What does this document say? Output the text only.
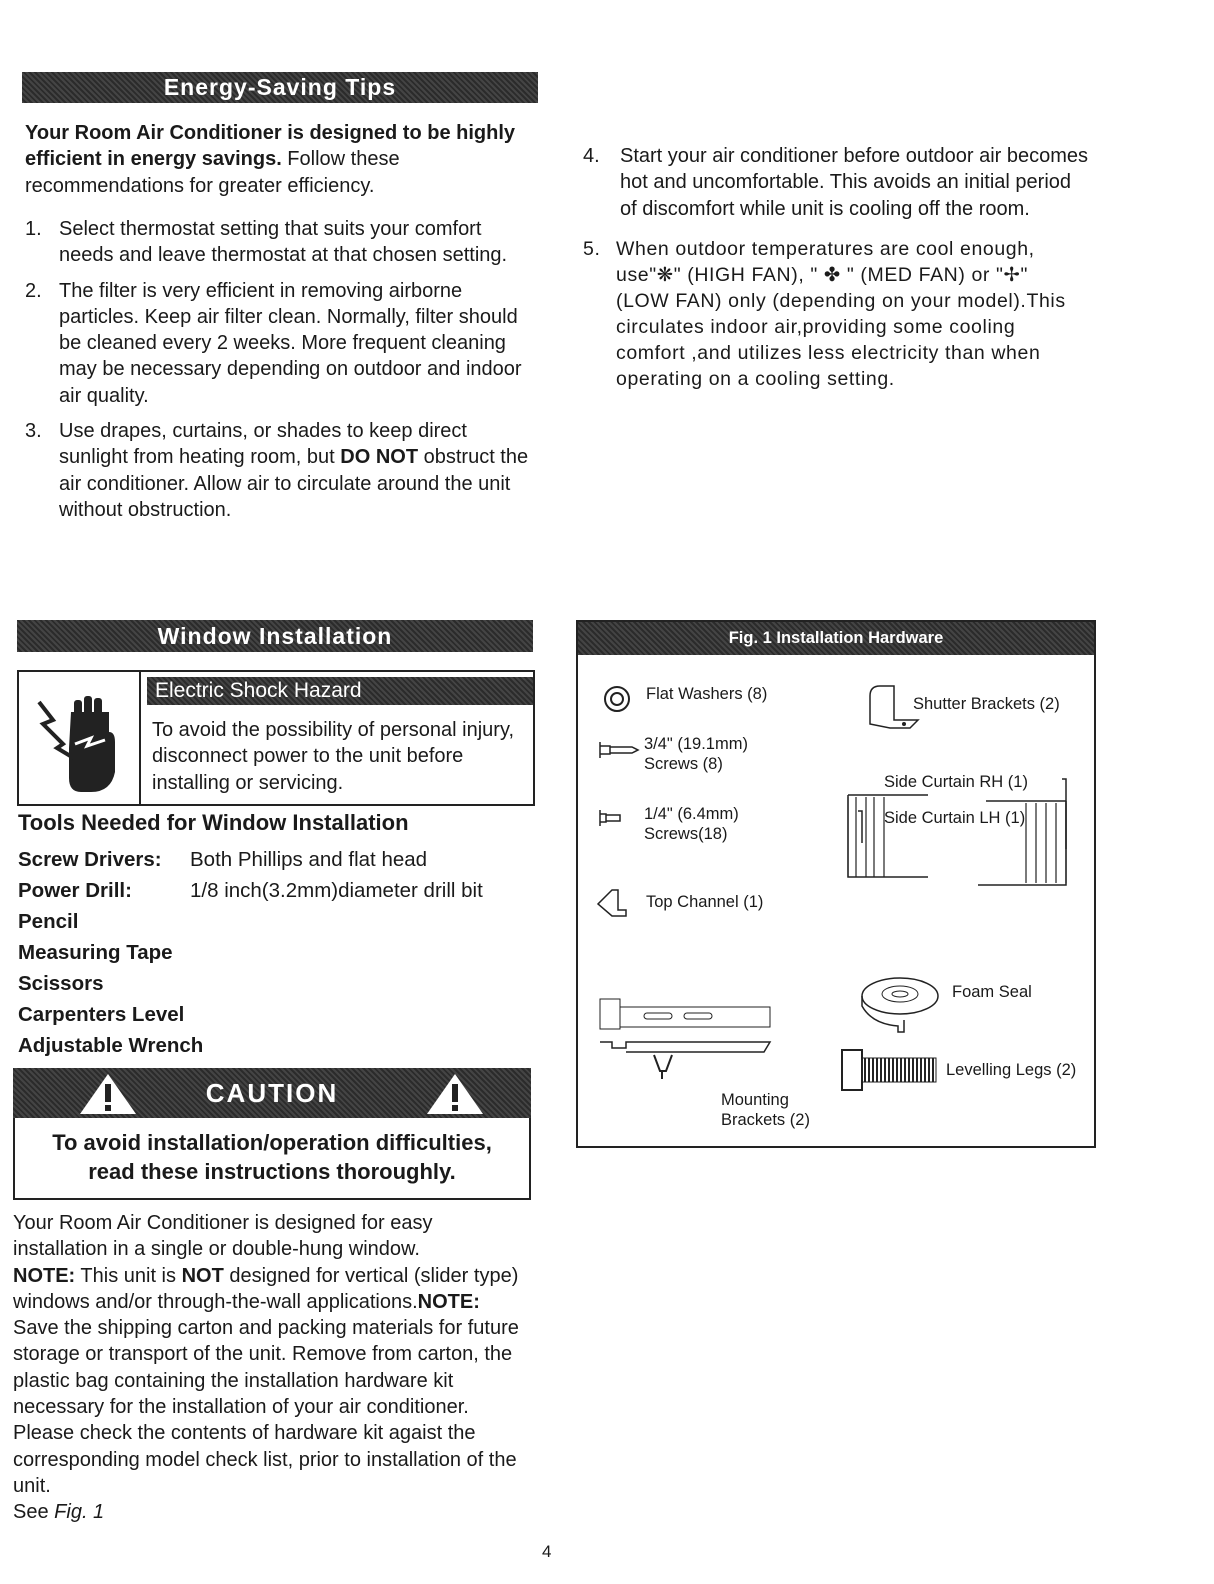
Energy-Saving Tips
Your Room Air Conditioner is designed to be highly efficient in energy savings. Follow these recommendations for greater efficiency.
1. Select thermostat setting that suits your comfort needs and leave thermostat at that chosen setting.
2. The filter is very efficient in removing airborne particles. Keep air filter clean. Normally, filter should be cleaned every 2 weeks. More frequent cleaning may be necessary depending on outdoor and indoor air quality.
3. Use drapes, curtains, or shades to keep direct sunlight from heating room, but DO NOT obstruct the air conditioner. Allow air to circulate around the unit without obstruction.
4. Start your air conditioner before outdoor air becomes hot and uncomfortable. This avoids an initial period of discomfort while unit is cooling off the room.
5. When outdoor temperatures are cool enough, use"❋" (HIGH FAN), " ✤ " (MED FAN) or "✢"(LOW FAN) only (depending on your model).This circulates indoor air,providing some cooling comfort ,and utilizes less electricity than when operating on a cooling setting.
Window Installation
Electric Shock Hazard
To avoid the possibility of personal injury, disconnect power to the unit before installing or servicing.
Tools Needed for Window Installation
Screw Drivers:	Both Phillips and flat head
Power Drill:	1/8 inch(3.2mm)diameter drill bit
Pencil
Measuring Tape
Scissors
Carpenters Level
Adjustable Wrench
CAUTION
To avoid installation/operation difficulties, read these instructions thoroughly.
Your Room Air Conditioner is designed for easy installation in a single or double-hung window.
NOTE: This unit is NOT designed for vertical (slider type) windows and/or through-the-wall applications.NOTE: Save the shipping carton and packing materials for future storage or transport of the unit. Remove from carton, the plastic bag containing the installation hardware kit necessary for the installation of your air conditioner. Please check the contents of hardware kit agaist the corresponding model check list, prior to installation of the unit.
See Fig. 1
Fig. 1 Installation Hardware
Flat Washers (8)
3/4" (19.1mm)
Screws (8)
1/4" (6.4mm)
Screws(18)
Top Channel (1)
Mounting
Brackets (2)
Shutter Brackets (2)
Side Curtain RH (1)
Side Curtain LH (1)
Foam Seal
Levelling Legs (2)
4
